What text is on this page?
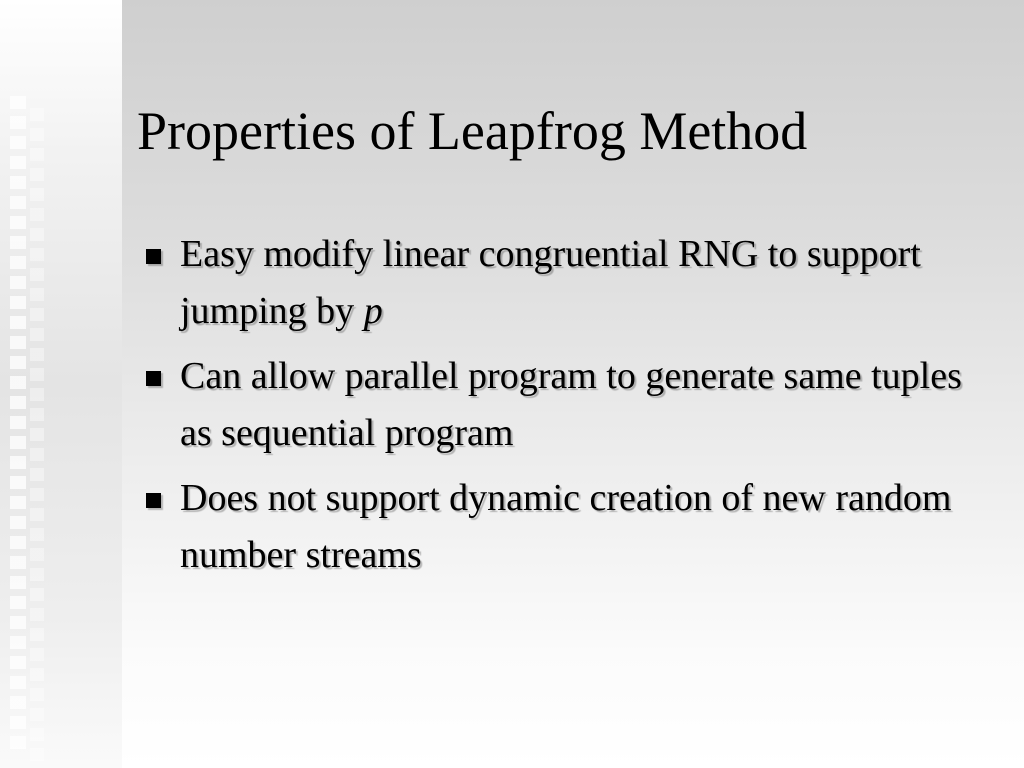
Properties of Leapfrog Method
Easy modify linear congruential RNG to support jumping by p
Can allow parallel program to generate same tuples as sequential program
Does not support dynamic creation of new random number streams
